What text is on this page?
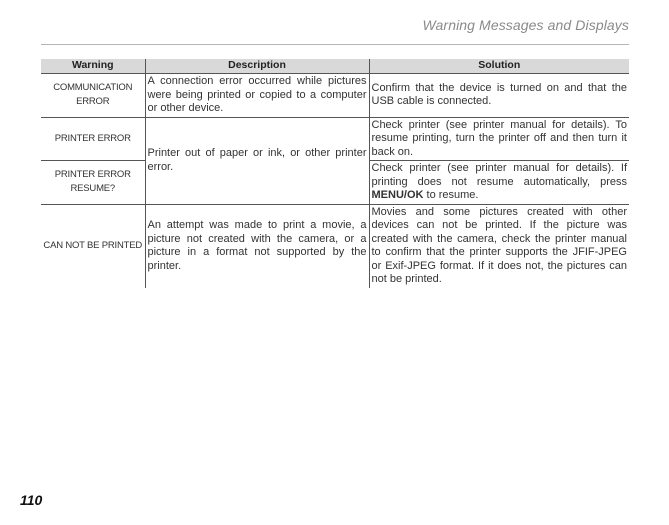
Warning Messages and Displays
Warning	Description	Solution
COMMUNICATION ERROR	A connection error occurred while pictures were being printed or copied to a computer or other device.	Confirm that the device is turned on and that the USB cable is connected.
PRINTER ERROR	Printer out of paper or ink, or other printer error.	Check printer (see printer manual for details). To resume printing, turn the printer off and then turn it back on.
PRINTER ERROR RESUME?		Check printer (see printer manual for details). If printing does not resume automatically, press MENU/OK to resume.
CAN NOT BE PRINTED	An attempt was made to print a movie, a picture not created with the camera, or a picture in a format not supported by the printer.	Movies and some pictures created with other devices can not be printed. If the picture was created with the camera, check the printer manual to confirm that the printer supports the JFIF-JPEG or Exif-JPEG format. If it does not, the pictures can not be printed.
110
